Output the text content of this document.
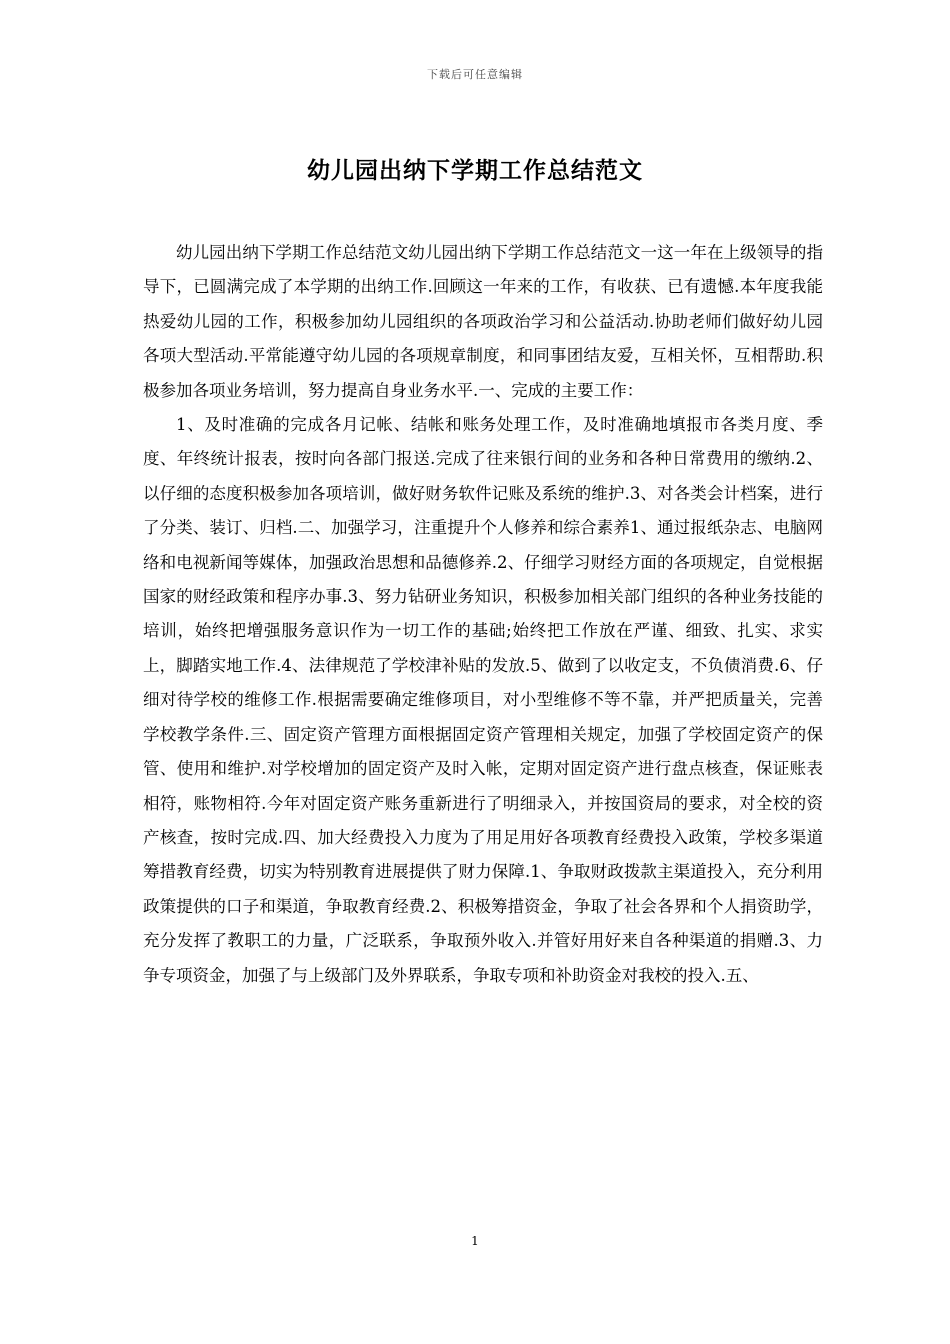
下载后可任意编辑
幼儿园出纳下学期工作总结范文

幼儿园出纳下学期工作总结范文幼儿园出纳下学期工作总结范文一这一年在上级领导的指导下，已圆满完成了本学期的出纳工作.回顾这一年来的工作，有收获、已有遗憾.本年度我能热爱幼儿园的工作，积极参加幼儿园组织的各项政治学习和公益活动.协助老师们做好幼儿园各项大型活动.平常能遵守幼儿园的各项规章制度，和同事团结友爱，互相关怀，互相帮助.积极参加各项业务培训，努力提高自身业务水平.一、完成的主要工作：

1、及时准确的完成各月记帐、结帐和账务处理工作，及时准确地填报市各类月度、季度、年终统计报表，按时向各部门报送.完成了往来银行间的业务和各种日常费用的缴纳.2、以仔细的态度积极参加各项培训，做好财务软件记账及系统的维护.3、对各类会计档案，进行了分类、装订、归档.二、加强学习，注重提升个人修养和综合素养1、通过报纸杂志、电脑网络和电视新闻等媒体，加强政治思想和品德修养.2、仔细学习财经方面的各项规定，自觉根据国家的财经政策和程序办事.3、努力钻研业务知识，积极参加相关部门组织的各种业务技能的培训，始终把增强服务意识作为一切工作的基础;始终把工作放在严谨、细致、扎实、求实上，脚踏实地工作.4、法律规范了学校津补贴的发放.5、做到了以收定支，不负债消费.6、仔细对待学校的维修工作.根据需要确定维修项目，对小型维修不等不靠，并严把质量关，完善学校教学条件.三、固定资产管理方面根据固定资产管理相关规定，加强了学校固定资产的保管、使用和维护.对学校增加的固定资产及时入帐，定期对固定资产进行盘点核查，保证账表相符，账物相符.今年对固定资产账务重新进行了明细录入，并按国资局的要求，对全校的资产核查，按时完成.四、加大经费投入力度为了用足用好各项教育经费投入政策，学校多渠道筹措教育经费，切实为特别教育进展提供了财力保障.1、争取财政拨款主渠道投入，充分利用政策提供的口子和渠道，争取教育经费.2、积极筹措资金，争取了社会各界和个人捐资助学，充分发挥了教职工的力量，广泛联系，争取预外收入.并管好用好来自各种渠道的捐赠.3、力争专项资金，加强了与上级部门及外界联系，争取专项和补助资金对我校的投入.五、

1
